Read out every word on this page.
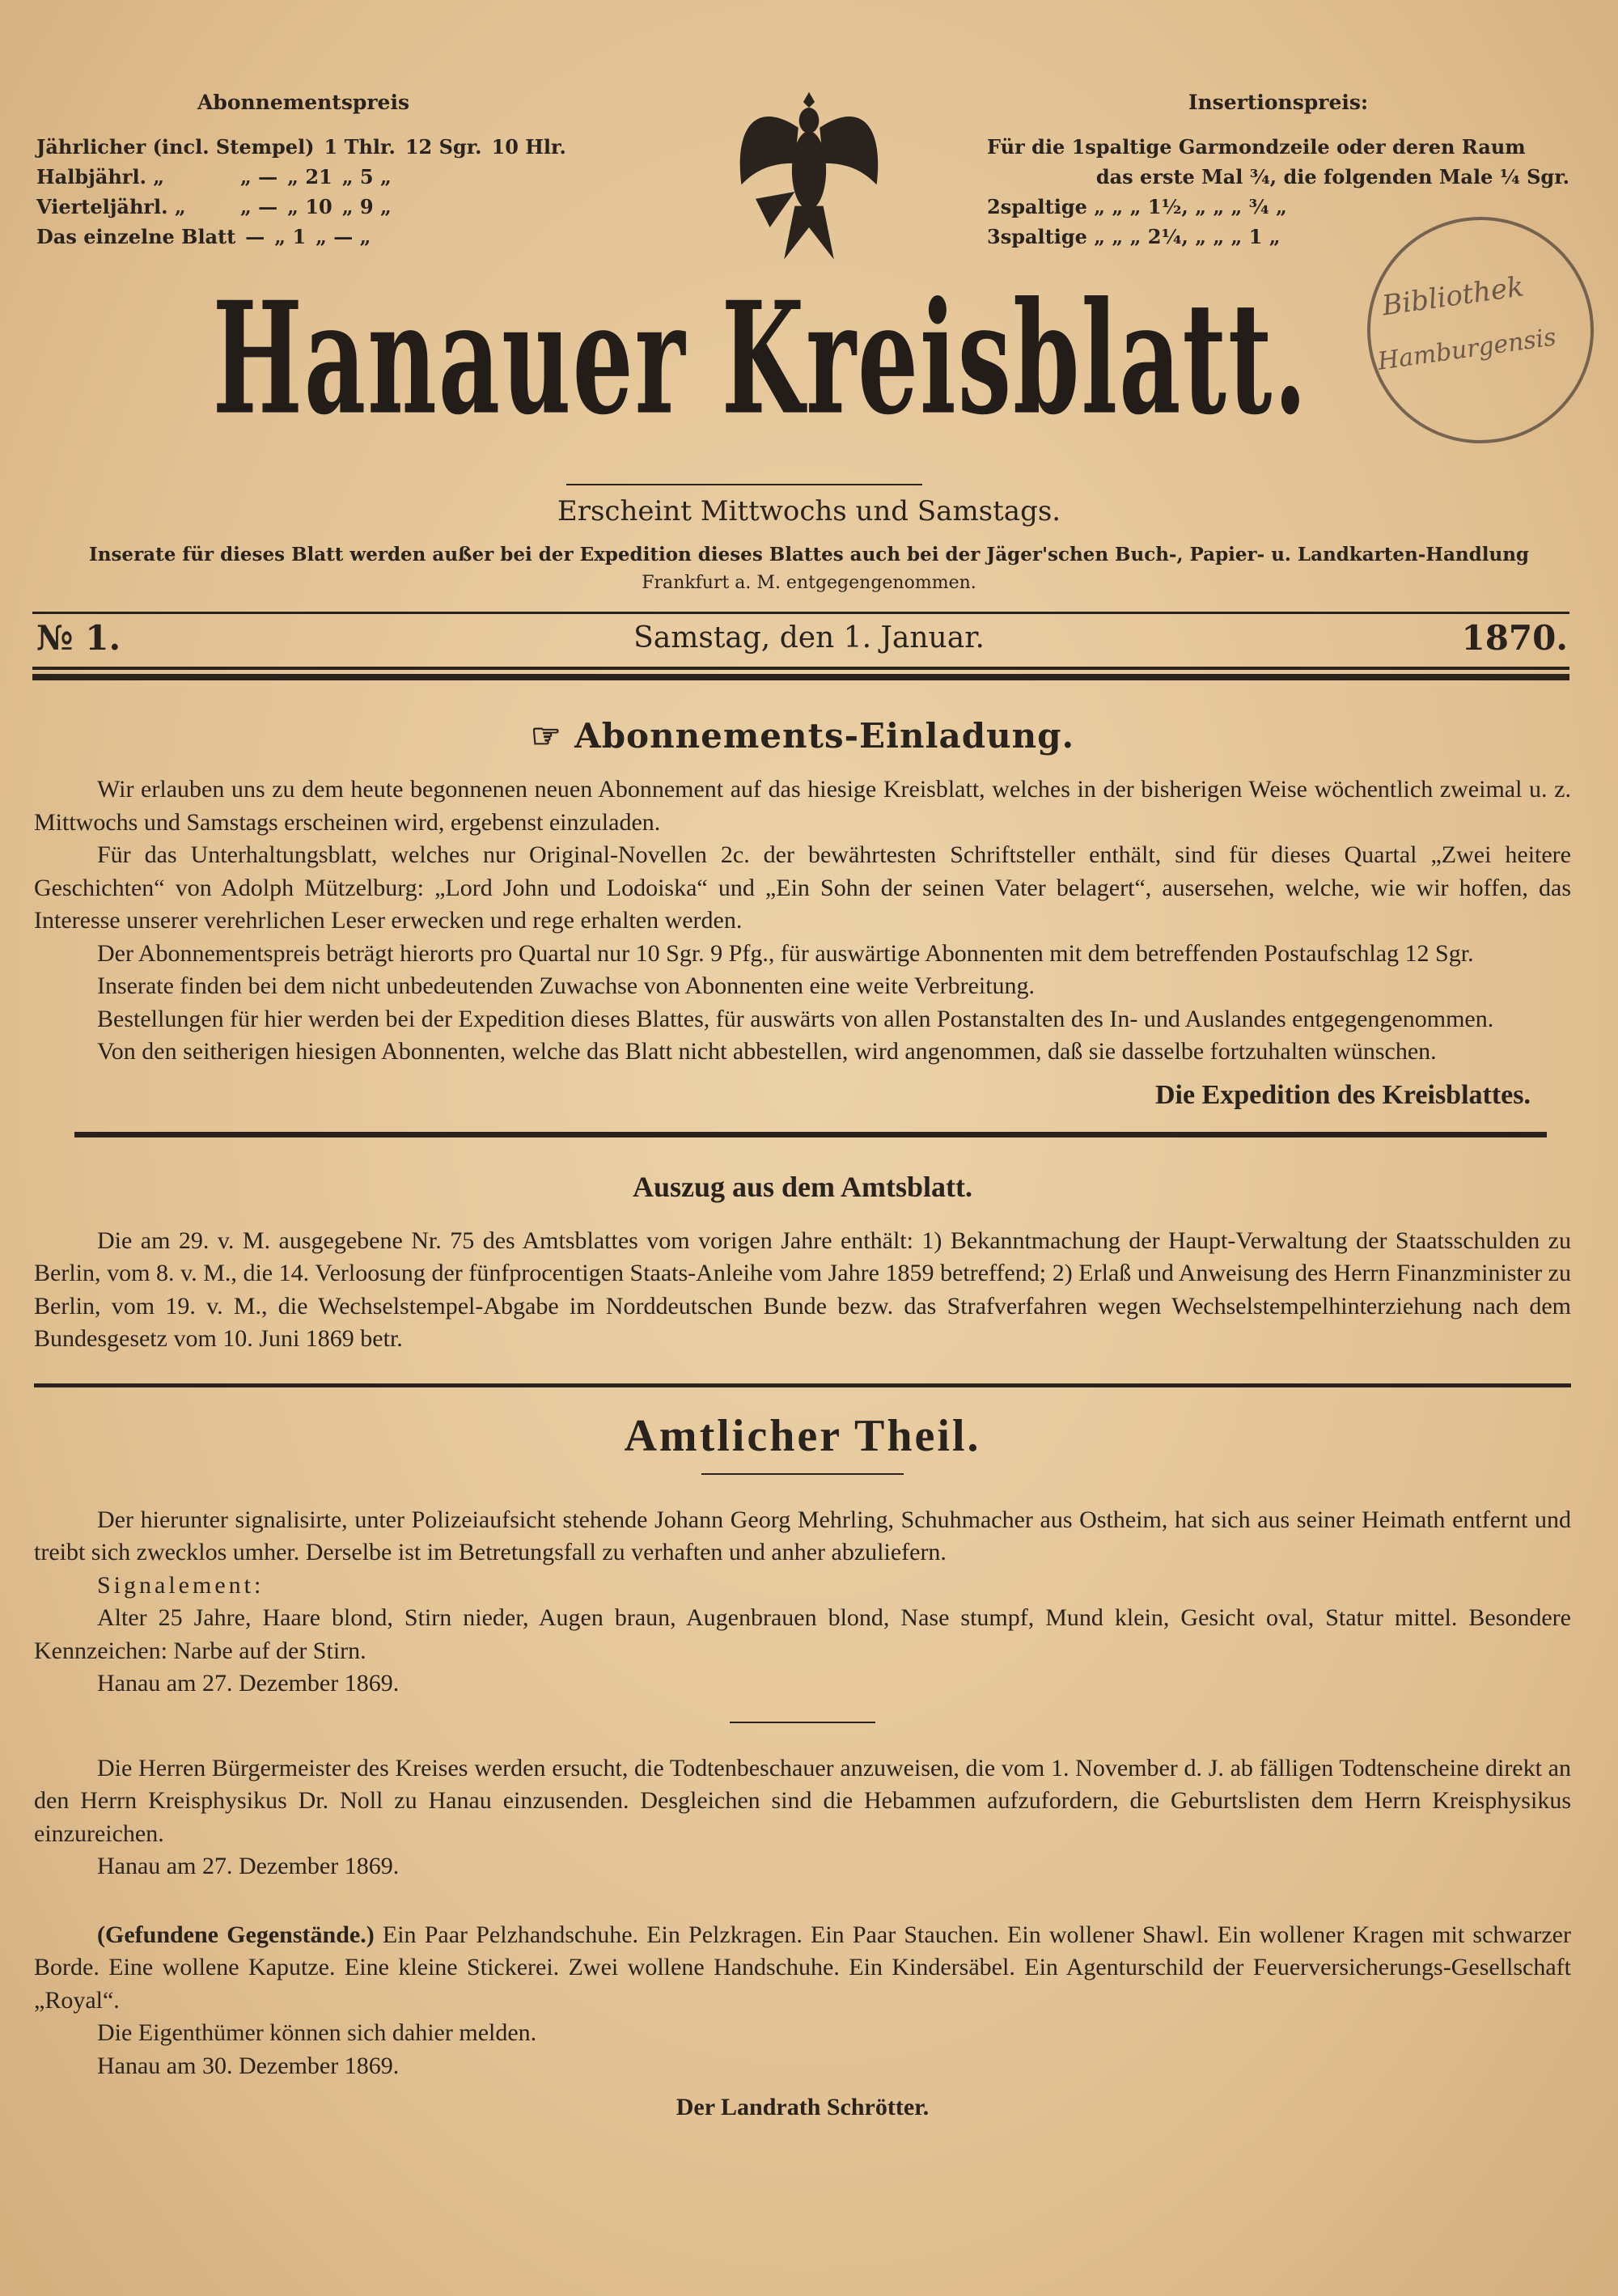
Abonnementspreis
Jährlicher (incl. Stempel) 1 Thlr. 12 Sgr. 10 Hlr.
Halbjährl. „	„ — „ 21 „ 5 „
Vierteljährl. „	„ — „ 10 „ 9 „
Das einzelne Blatt — „ 1 „ — „
Insertionspreis:
Für die 1spaltige Garmondzeile oder deren Raum
das erste Mal ¾, die folgenden Male ¼ Sgr.
2spaltige „ „ „ 1½, „ „ „ ¾ „
3spaltige „ „ „ 2¼, „ „ „ 1 „
Hanauer Kreisblatt.	Bibliothek
Hamburgensis
Erscheint Mittwochs und Samstags.
Inserate für dieses Blatt werden außer bei der Expedition dieses Blattes auch bei der Jäger'schen Buch-, Papier- u. Landkarten-Handlung
Frankfurt a. M. entgegengenommen.
№ 1.	Samstag, den 1. Januar.	1870.
☞ Abonnements-Einladung.

Wir erlauben uns zu dem heute begonnenen neuen Abonnement auf das hiesige Kreisblatt, welches in der bisherigen Weise wöchentlich zweimal u. z. Mittwochs und Samstags erscheinen wird, ergebenst einzuladen.

Für das Unterhaltungsblatt, welches nur Original-Novellen 2c. der bewährtesten Schriftsteller enthält, sind für dieses Quartal „Zwei heitere Geschichten“ von Adolph Mützelburg: „Lord John und Lodoiska“ und „Ein Sohn der seinen Vater belagert“, ausersehen, welche, wie wir hoffen, das Interesse unserer verehrlichen Leser erwecken und rege erhalten werden.

Der Abonnementspreis beträgt hierorts pro Quartal nur 10 Sgr. 9 Pfg., für auswärtige Abonnenten mit dem betreffenden Postaufschlag 12 Sgr.

Inserate finden bei dem nicht unbedeutenden Zuwachse von Abonnenten eine weite Verbreitung.

Bestellungen für hier werden bei der Expedition dieses Blattes, für auswärts von allen Postanstalten des In- und Auslandes entgegengenommen.

Von den seitherigen hiesigen Abonnenten, welche das Blatt nicht abbestellen, wird angenommen, daß sie dasselbe fortzuhalten wünschen.

Die Expedition des Kreisblattes.
Auszug aus dem Amtsblatt.

Die am 29. v. M. ausgegebene Nr. 75 des Amtsblattes vom vorigen Jahre enthält: 1) Bekanntmachung der Haupt-Verwaltung der Staatsschulden zu Berlin, vom 8. v. M., die 14. Verloosung der fünfprocentigen Staats-Anleihe vom Jahre 1859 betreffend; 2) Erlaß und Anweisung des Herrn Finanzminister zu Berlin, vom 19. v. M., die Wechselstempel-Abgabe im Norddeutschen Bunde bezw. das Strafverfahren wegen Wechselstempelhinterziehung nach dem Bundesgesetz vom 10. Juni 1869 betr.

Amtlicher Theil.

Der hierunter signalisirte, unter Polizeiaufsicht stehende Johann Georg Mehrling, Schuhmacher aus Ostheim, hat sich aus seiner Heimath entfernt und treibt sich zwecklos umher. Derselbe ist im Betretungsfall zu verhaften und anher abzuliefern.

Signalement:

Alter 25 Jahre, Haare blond, Stirn nieder, Augen braun, Augenbrauen blond, Nase stumpf, Mund klein, Gesicht oval, Statur mittel. Besondere Kennzeichen: Narbe auf der Stirn.

Hanau am 27. Dezember 1869.

Die Herren Bürgermeister des Kreises werden ersucht, die Todtenbeschauer anzuweisen, die vom 1. November d. J. ab fälligen Todtenscheine direkt an den Herrn Kreisphysikus Dr. Noll zu Hanau einzusenden. Desgleichen sind die Hebammen aufzufordern, die Geburtslisten dem Herrn Kreisphysikus einzureichen.

Hanau am 27. Dezember 1869.

(Gefundene Gegenstände.) Ein Paar Pelzhandschuhe. Ein Pelzkragen. Ein Paar Stauchen. Ein wollener Shawl. Ein wollener Kragen mit schwarzer Borde. Eine wollene Kaputze. Eine kleine Stickerei. Zwei wollene Handschuhe. Ein Kindersäbel. Ein Agenturschild der Feuerversicherungs-Gesellschaft „Royal“.

Die Eigenthümer können sich dahier melden.

Hanau am 30. Dezember 1869.

Der Landrath Schrötter.
